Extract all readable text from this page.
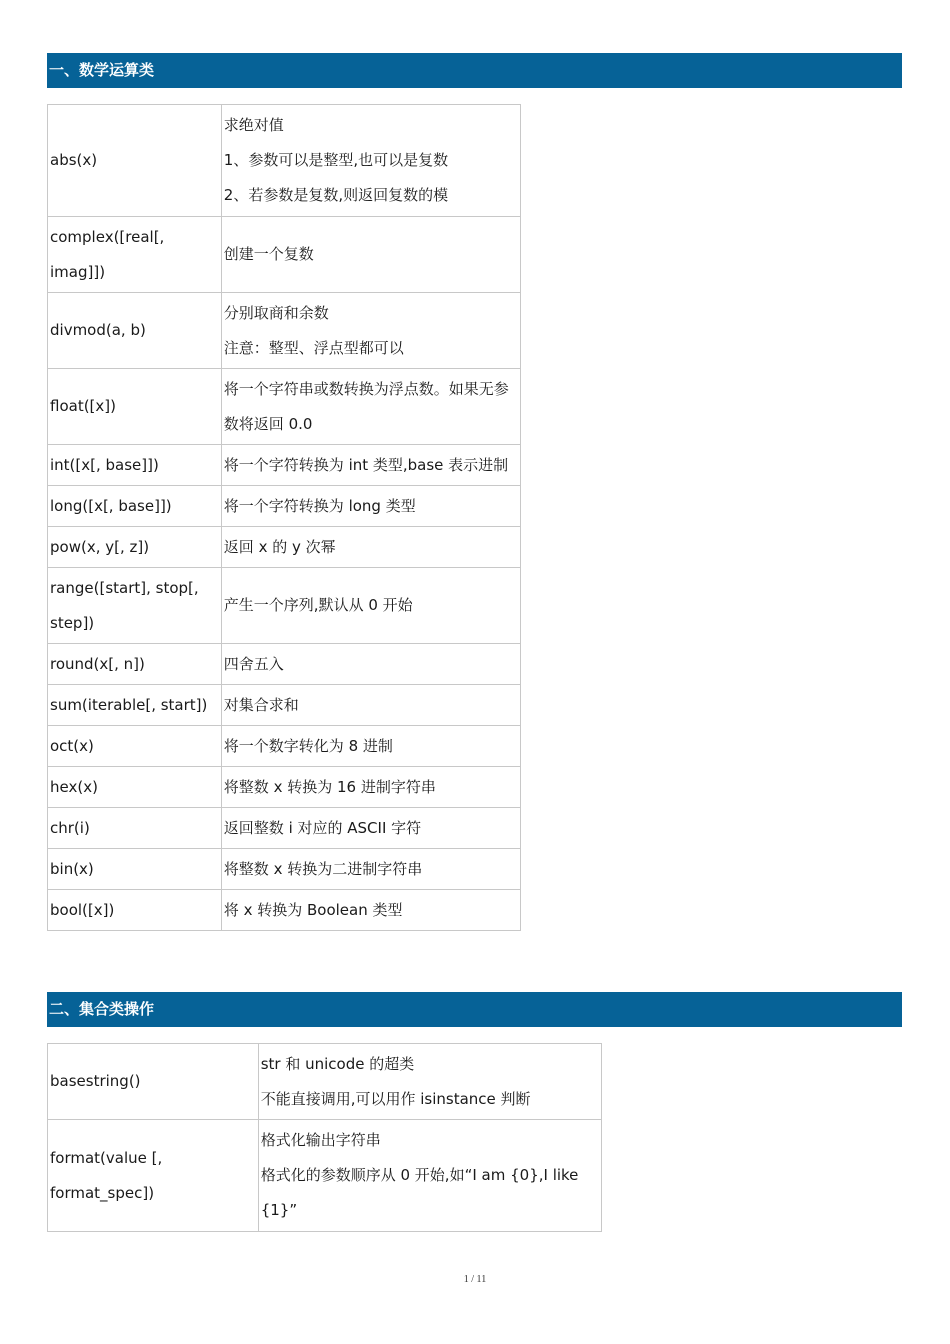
一、数学运算类
abs(x)	求绝对值

1、参数可以是整型,也可以是复数

2、若参数是复数,则返回复数的模

complex([real[, imag]])	创建一个复数

divmod(a, b)	分别取商和余数

注意：整型、浮点型都可以

float([x])	将一个字符串或数转换为浮点数。如果无参数将返回 0.0

int([x[, base]])	将一个字符转换为 int 类型,base 表示进制

long([x[, base]])	将一个字符转换为 long 类型

pow(x, y[, z])	返回 x 的 y 次幂

range([start], stop[, step])	产生一个序列,默认从 0 开始

round(x[, n])	四舍五入

sum(iterable[, start])	对集合求和

oct(x)	将一个数字转化为 8 进制

hex(x)	将整数 x 转换为 16 进制字符串

chr(i)	返回整数 i 对应的 ASCII 字符

bin(x)	将整数 x 转换为二进制字符串

bool([x])	将 x 转换为 Boolean 类型

二、集合类操作
basestring()	str 和 unicode 的超类

不能直接调用,可以用作 isinstance 判断

format(value [, format_spec])	格式化输出字符串

格式化的参数顺序从 0 开始,如“I am {0},I like {1}”

1 / 11
